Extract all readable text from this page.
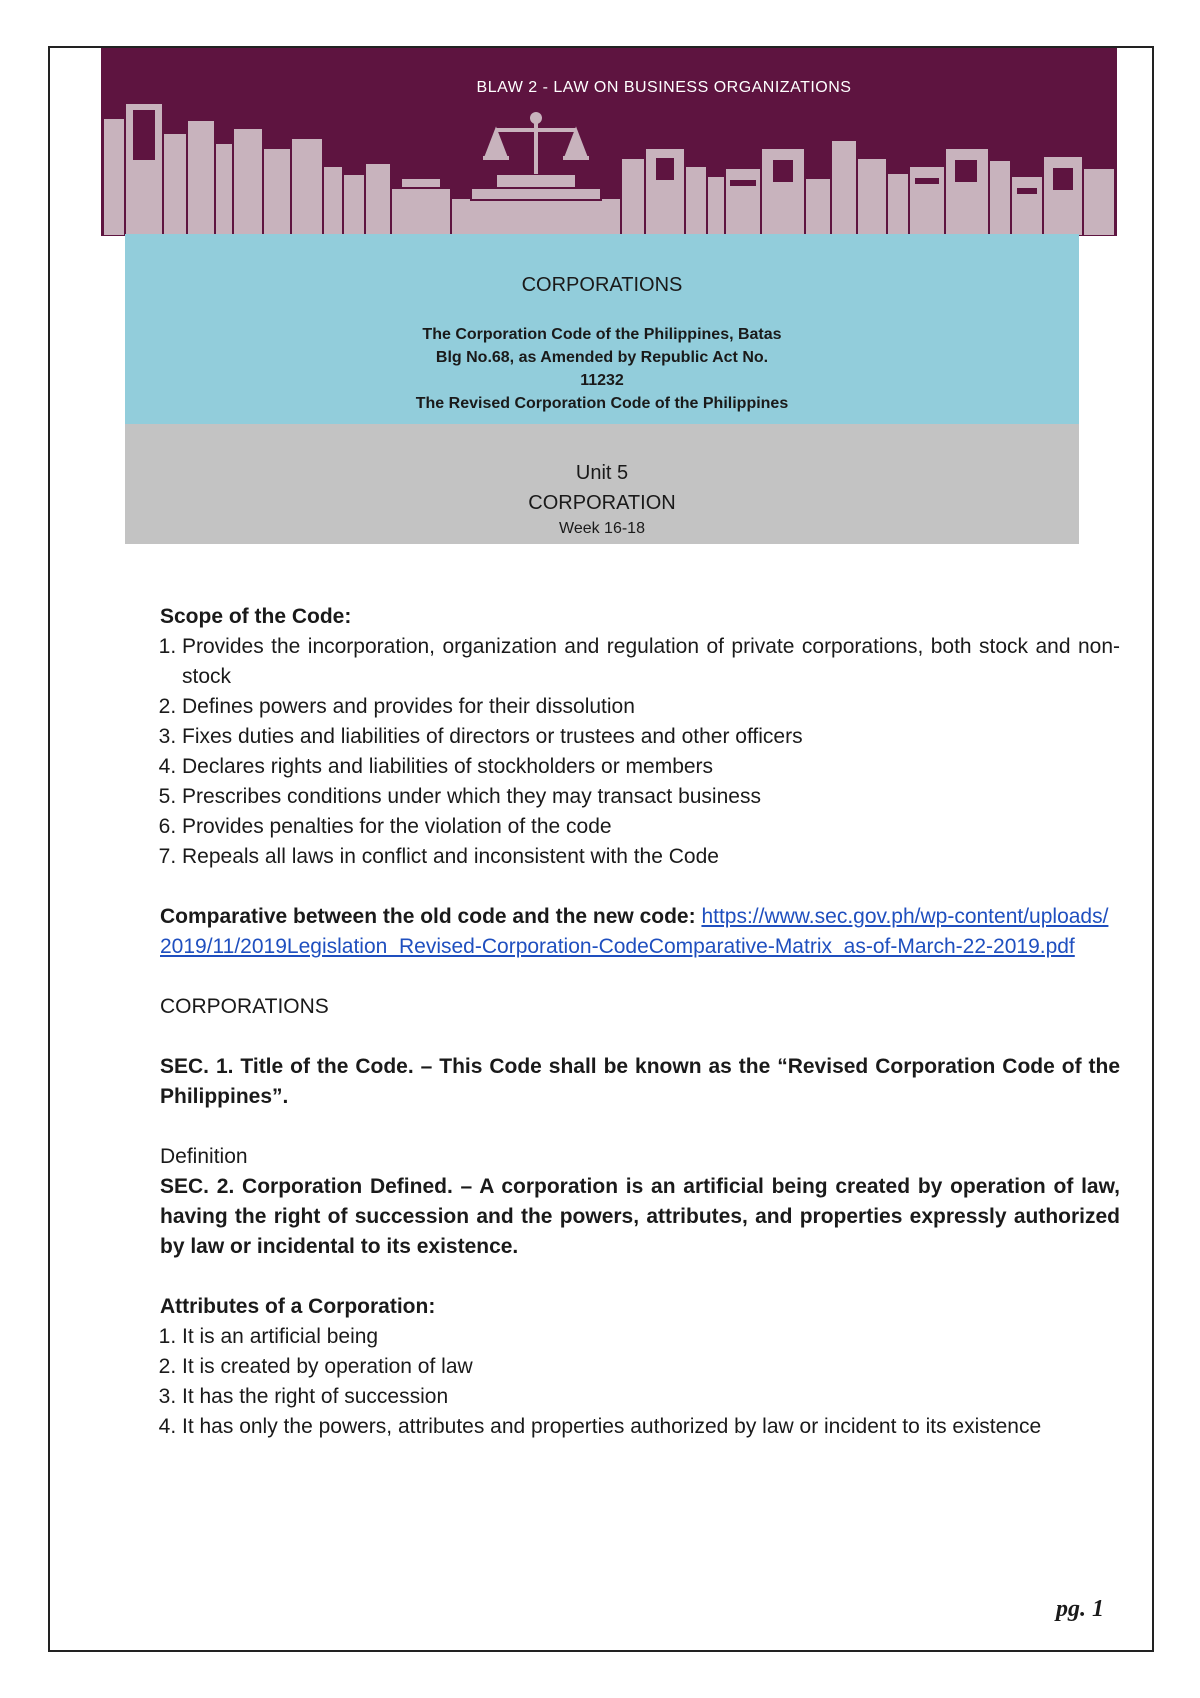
BLAW 2 - LAW ON BUSINESS ORGANIZATIONS
CORPORATIONS
The Corporation Code of the Philippines, Batas
Blg No.68, as Amended by Republic Act No.
11232
The Revised Corporation Code of the Philippines
Unit 5
CORPORATION
Week 16-18

Scope of the Code:

1. Provides the incorporation, organization and regulation of private corporations, both stock and non-stock
2. Defines powers and provides for their dissolution
3. Fixes duties and liabilities of directors or trustees and other officers
4. Declares rights and liabilities of stockholders or members
5. Prescribes conditions under which they may transact business
6. Provides penalties for the violation of the code
7. Repeals all laws in conflict and inconsistent with the Code

Comparative between the old code and the new code: https://www.sec.gov.ph/wp-content/uploads/2019/11/2019Legislation_Revised-Corporation-CodeComparative-Matrix_as-of-March-22-2019.pdf

CORPORATIONS

SEC. 1. Title of the Code. – This Code shall be known as the “Revised Corporation Code of the Philippines”.

Definition

SEC. 2. Corporation Defined. – A corporation is an artificial being created by operation of law, having the right of succession and the powers, attributes, and properties expressly authorized by law or incidental to its existence.

Attributes of a Corporation:

1. It is an artificial being
2. It is created by operation of law
3. It has the right of succession
4. It has only the powers, attributes and properties authorized by law or incident to its existence
pg. 1
